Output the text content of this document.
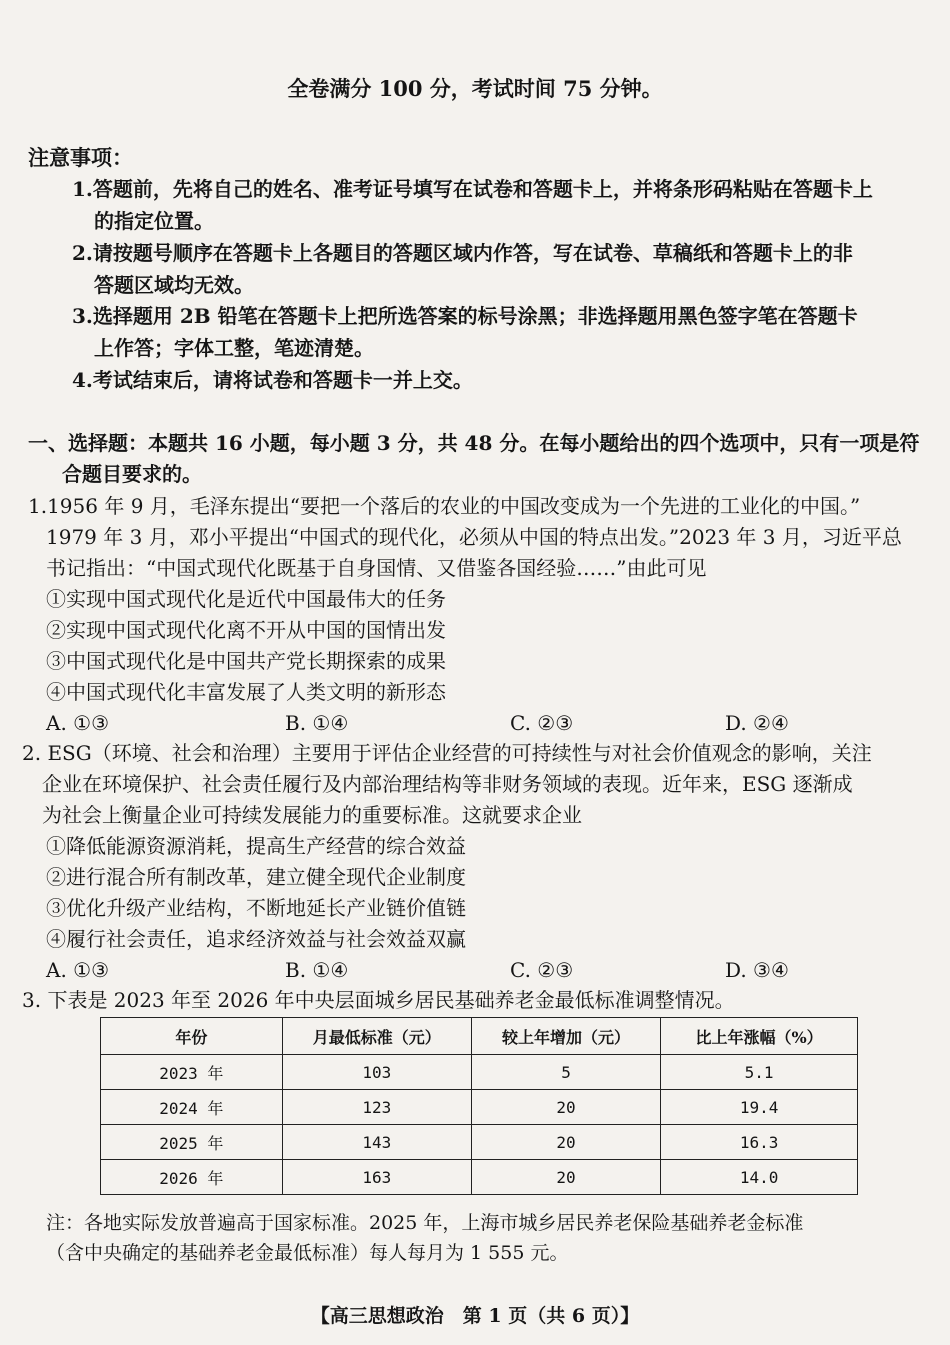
全卷满分 100 分，考试时间 75 分钟。
注意事项：
1.答题前，先将自己的姓名、准考证号填写在试卷和答题卡上，并将条形码粘贴在答题卡上
的指定位置。
2.请按题号顺序在答题卡上各题目的答题区域内作答，写在试卷、草稿纸和答题卡上的非
答题区域均无效。
3.选择题用 2B 铅笔在答题卡上把所选答案的标号涂黑；非选择题用黑色签字笔在答题卡
上作答；字体工整，笔迹清楚。
4.考试结束后，请将试卷和答题卡一并上交。
一、选择题：本题共 16 小题，每小题 3 分，共 48 分。在每小题给出的四个选项中，只有一项是符
合题目要求的。
1.1956 年 9 月，毛泽东提出“要把一个落后的农业的中国改变成为一个先进的工业化的中国。”
1979 年 3 月，邓小平提出“中国式的现代化，必须从中国的特点出发。”2023 年 3 月，习近平总
书记指出：“中国式现代化既基于自身国情、又借鉴各国经验……”由此可见
①实现中国式现代化是近代中国最伟大的任务
②实现中国式现代化离不开从中国的国情出发
③中国式现代化是中国共产党长期探索的成果
④中国式现代化丰富发展了人类文明的新形态
A. ①③	B. ①④	C. ②③	D. ②④
2. ESG（环境、社会和治理）主要用于评估企业经营的可持续性与对社会价值观念的影响，关注
企业在环境保护、社会责任履行及内部治理结构等非财务领域的表现。近年来，ESG 逐渐成
为社会上衡量企业可持续发展能力的重要标准。这就要求企业
①降低能源资源消耗，提高生产经营的综合效益
②进行混合所有制改革，建立健全现代企业制度
③优化升级产业结构，不断地延长产业链价值链
④履行社会责任，追求经济效益与社会效益双赢
A. ①③	B. ①④	C. ②③	D. ③④
3. 下表是 2023 年至 2026 年中央层面城乡居民基础养老金最低标准调整情况。
年份	月最低标准（元）	较上年增加（元）	比上年涨幅（%）
2023 年	103	5	5.1
2024 年	123	20	19.4
2025 年	143	20	16.3
2026 年	163	20	14.0
注：各地实际发放普遍高于国家标准。2025 年，上海市城乡居民养老保险基础养老金标准
（含中央确定的基础养老金最低标准）每人每月为 1 555 元。
【高三思想政治　第 1 页（共 6 页）】
